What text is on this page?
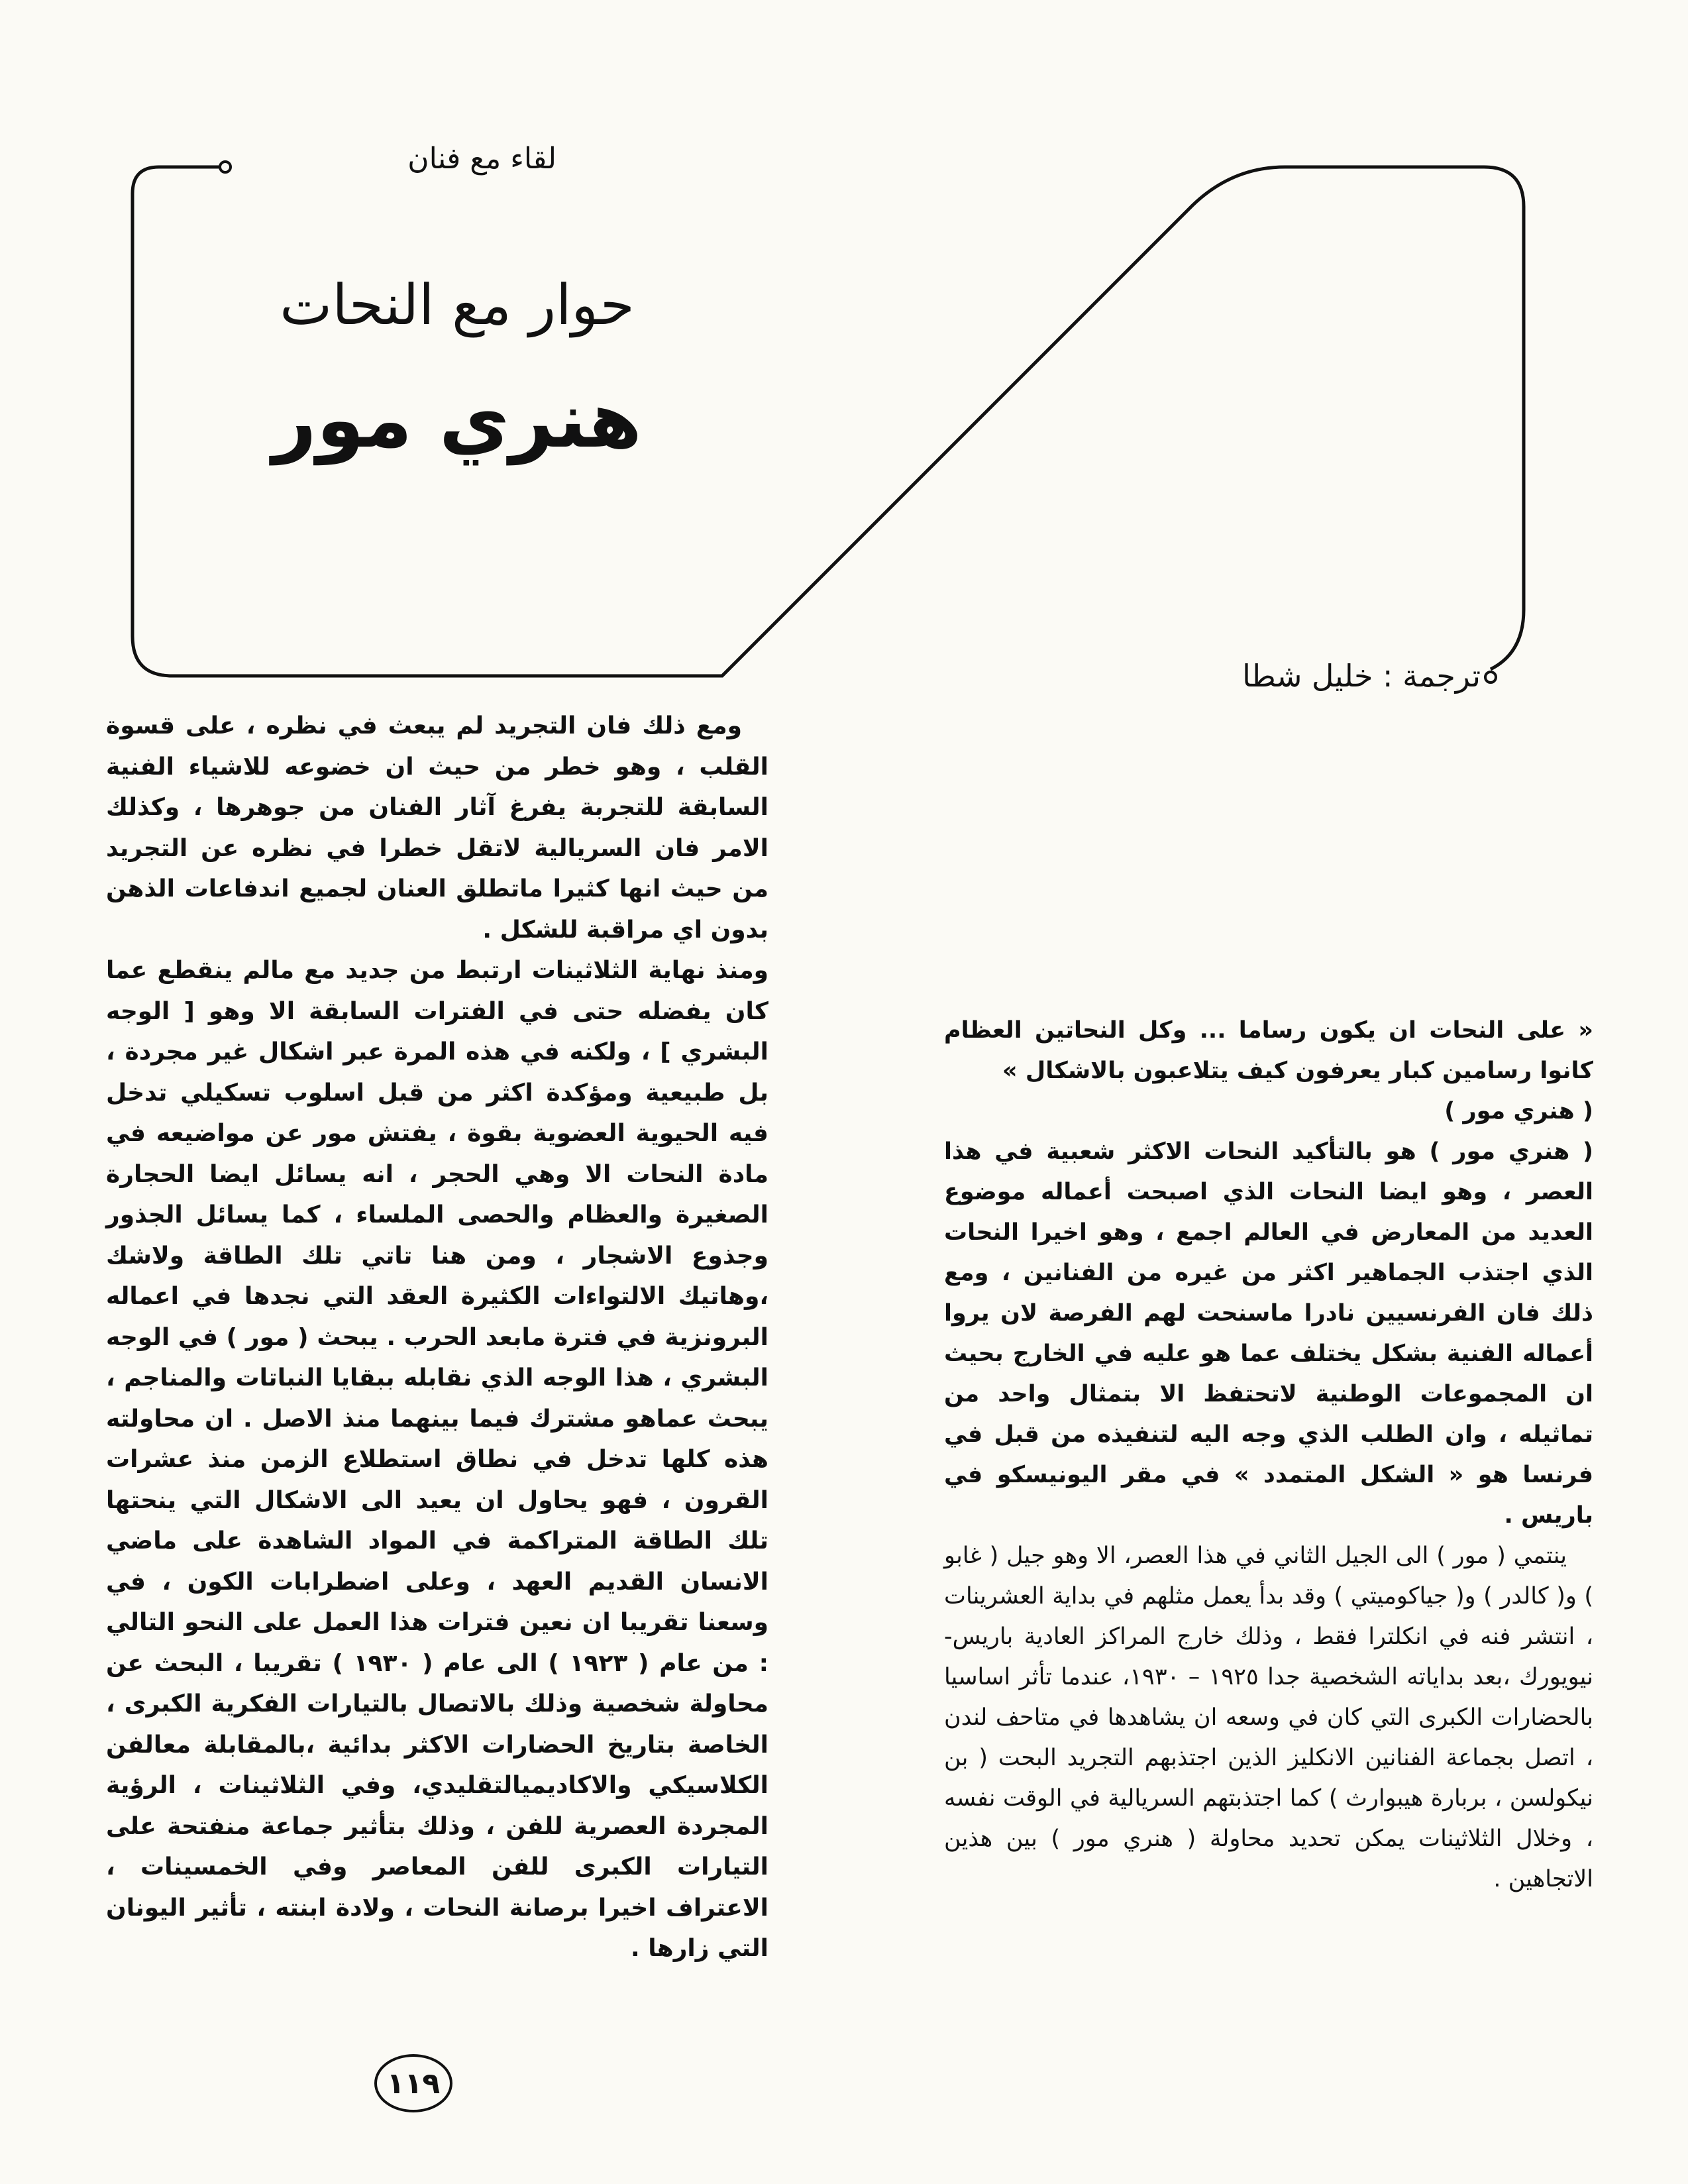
لقاء مع فنان
حوار مع النحات
هنري مور
ترجمة : خليل شطا

« على النحات ان يكون رساما ... وكل النحاتين العظام كانوا رسامين كبار يعرفون كيف يتلاعبون بالاشكال »

( هنري مور )

( هنري مور ) هو بالتأكيد النحات الاكثر شعبية في هذا العصر ، وهو ايضا النحات الذي اصبحت أعماله موضوع العديد من المعارض في العالم اجمع ، وهو اخيرا النحات الذي اجتذب الجماهير اكثر من غيره من الفنانين ، ومع ذلك فان الفرنسيين نادرا ماسنحت لهم الفرصة لان يروا أعماله الفنية بشكل يختلف عما هو عليه في الخارج بحيث ان المجموعات الوطنية لاتحتفظ الا بتمثال واحد من تماثيله ، وان الطلب الذي وجه اليه لتنفيذه من قبل في فرنسا هو « الشكل المتمدد » في مقر اليونيسكو في باريس .

ينتمي ( مور ) الى الجيل الثاني في هذا العصر، الا وهو جيل ( غابو ) و( كالدر ) و( جياكوميتي ) وقد بدأ يعمل مثلهم في بداية العشرينات ، انتشر فنه في انكلترا فقط ، وذلك خارج المراكز العادية باريس- نيويورك ،بعد بداياته الشخصية جدا ١٩٢٥ – ١٩٣٠، عندما تأثر اساسيا بالحضارات الكبرى التي كان في وسعه ان يشاهدها في متاحف لندن ، اتصل بجماعة الفنانين الانكليز الذين اجتذبهم التجريد البحت ( بن نيكولسن ، بربارة هيبوارث ) كما اجتذبتهم السريالية في الوقت نفسه ، وخلال الثلاثينات يمكن تحديد محاولة ( هنري مور ) بين هذين الاتجاهين .

ومع ذلك فان التجريد لم يبعث في نظره ، على قسوة القلب ، وهو خطر من حيث ان خضوعه للاشياء الفنية السابقة للتجربة يفرغ آثار الفنان من جوهرها ، وكذلك الامر فان السريالية لاتقل خطرا في نظره عن التجريد من حيث انها كثيرا ماتطلق العنان لجميع اندفاعات الذهن بدون اي مراقبة للشكل .

ومنذ نهاية الثلاثينات ارتبط من جديد مع مالم ينقطع عما كان يفضله حتى في الفترات السابقة الا وهو [ الوجه البشري ] ، ولكنه في هذه المرة عبر اشكال غير مجردة ، بل طبيعية ومؤكدة اكثر من قبل اسلوب تسكيلي تدخل فيه الحيوية العضوية بقوة ، يفتش مور عن مواضيعه في مادة النحات الا وهي الحجر ، انه يسائل ايضا الحجارة الصغيرة والعظام والحصى الملساء ، كما يسائل الجذور وجذوع الاشجار ، ومن هنا تاتي تلك الطاقة ولاشك ،وهاتيك الالتواءات الكثيرة العقد التي نجدها في اعماله البرونزية في فترة مابعد الحرب . يبحث ( مور ) في الوجه البشري ، هذا الوجه الذي نقابله ببقايا النباتات والمناجم ، يبحث عماهو مشترك فيما بينهما منذ الاصل . ان محاولته هذه كلها تدخل في نطاق استطلاع الزمن منذ عشرات القرون ، فهو يحاول ان يعيد الى الاشكال التي ينحتها تلك الطاقة المتراكمة في المواد الشاهدة على ماضي الانسان القديم العهد ، وعلى اضطرابات الكون ، في وسعنا تقريبا ان نعين فترات هذا العمل على النحو التالي : من عام ( ١٩٢٣ ) الى عام ( ١٩٣٠ ) تقريبا ، البحث عن محاولة شخصية وذلك بالاتصال بالتيارات الفكرية الكبرى ، الخاصة بتاريخ الحضارات الاكثر بدائية ،بالمقابلة معالفن الكلاسيكي والاكاديميالتقليدي، وفي الثلاثينات ، الرؤية المجردة العصرية للفن ، وذلك بتأثير جماعة منفتحة على التيارات الكبرى للفن المعاصر وفي الخمسينات ، الاعتراف اخيرا برصانة النحات ، ولادة ابنته ، تأثير اليونان التي زارها .

١١٩
